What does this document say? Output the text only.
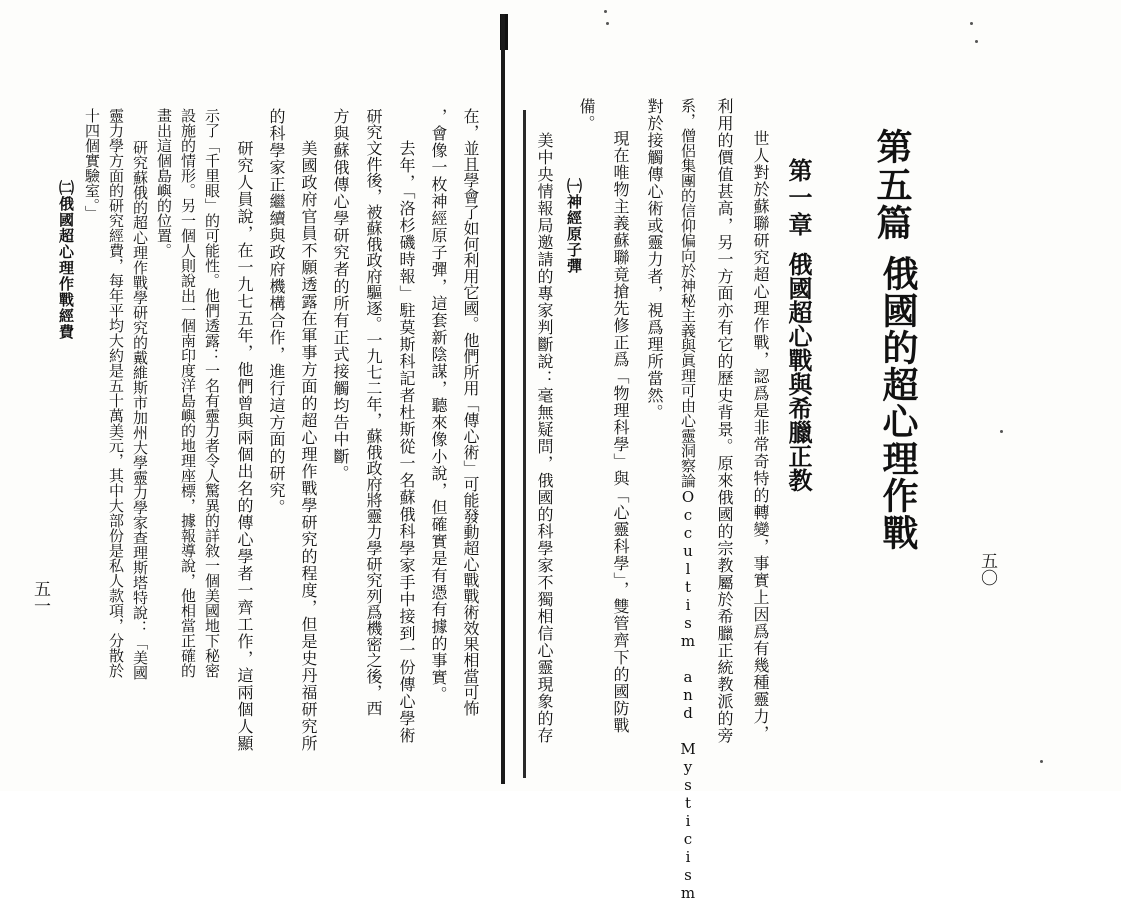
第五篇
俄國的超心理作戰
五〇
第一章
俄國超心戰與希臘正教
世人對於蘇聯研究超心理作戰，認爲是非常奇特的轉變，事實上因爲有幾種靈力，
利用的價值甚高，另一方面亦有它的歷史背景。原來俄國的宗教屬於希臘正統教派的旁
系，僧侶集團的信仰偏向於神秘主義與眞理可由心靈洞察論Occultism and Mysticism
對於接觸傳心術或靈力者，視爲理所當然。
現在唯物主義蘇聯竟搶先修正爲「物理科學」與「心靈科學」，雙管齊下的國防戰
備。
㈠神經原子彈
美中央情報局邀請的專家判斷說：毫無疑問，俄國的科學家不獨相信心靈現象的存
在，並且學會了如何利用它國。他們所用「傳心術」可能發動超心戰戰術效果相當可怖
，會像一枚神經原子彈，這套新陰謀，聽來像小說，但確實是有憑有據的事實。
去年，「洛杉磯時報」駐莫斯科記者杜斯從一名蘇俄科學家手中接到一份傳心學術
研究文件後，被蘇俄政府驅逐。一九七二年，蘇俄政府將靈力學研究列爲機密之後，西
方與蘇俄傳心學研究者的所有正式接觸均告中斷。
美國政府官員不願透露在軍事方面的超心理作戰學研究的程度，但是史丹福研究所
的科學家正繼續與政府機構合作，進行這方面的研究。
研究人員說，在一九七五年，他們曾與兩個出名的傳心學者一齊工作，這兩個人顯
示了「千里眼」的可能性。他們透露：一名有靈力者令人驚異的詳敘一個美國地下秘密
設施的情形。另一個人則說出一個南印度洋島嶼的地理座標，據報導說，他相當正確的
畫出這個島嶼的位置。
研究蘇俄的超心理作戰學研究的戴維斯市加州大學靈力學家查理斯塔特說：「美國
㈡俄國超心理作戰經費
五一	靈力學方面的研究經費，每年平均大約是五十萬美元，其中大部份是私人款項，分散於
十四個實驗室。」
